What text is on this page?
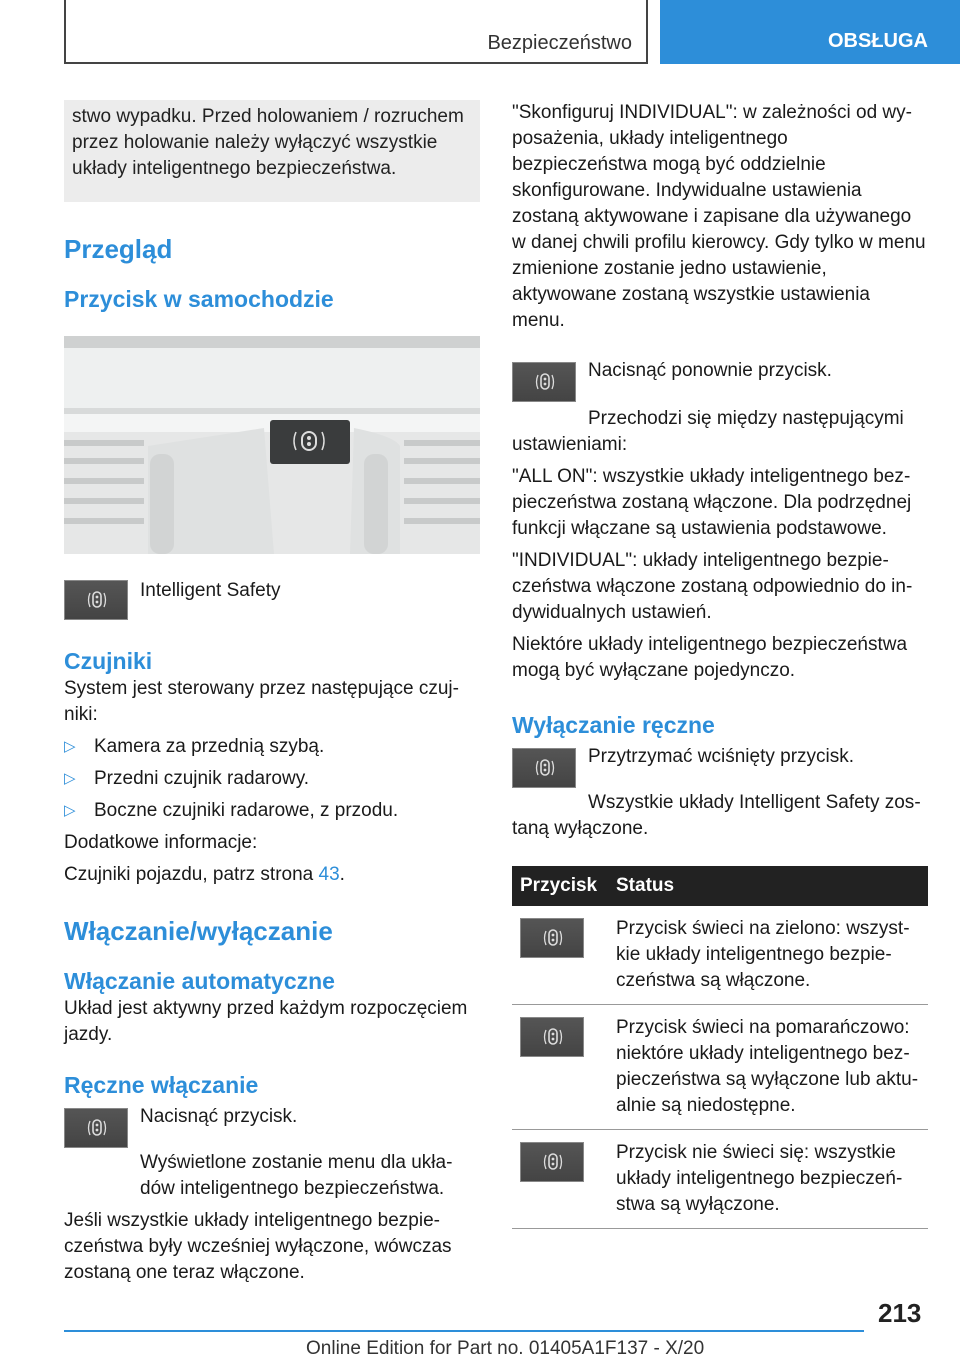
Bezpieczeństwo	OBSŁUGA

stwo wypadku. Przed holowaniem / rozruchem przez holowanie należy wyłączyć wszystkie układy inteligentnego bezpieczeństwa.

Przegląd
Przycisk w samochodzie

Intelligent Safety

Czujniki

System jest sterowany przez następujące czujniki:

▷ Kamera za przednią szybą.
▷ Przedni czujnik radarowy.
▷ Boczne czujniki radarowe, z przodu.

Dodatkowe informacje:

Czujniki pojazdu, patrz strona 43.

Włączanie/wyłączanie
Włączanie automatyczne

Układ jest aktywny przed każdym rozpoczęciem jazdy.

Ręczne włączanie

Nacisnąć przycisk.

Wyświetlone zostanie menu dla układów inteligentnego bezpieczeństwa.

Jeśli wszystkie układy inteligentnego bezpieczeństwa były wcześniej wyłączone, wówczas zostaną one teraz włączone.

"Skonfiguruj INDIVIDUAL": w zależności od wyposażenia, układy inteligentnego bezpieczeństwa mogą być oddzielnie skonfigurowane. Indywidualne ustawienia zostaną aktywowane i zapisane dla używanego w danej chwili profilu kierowcy. Gdy tylko w menu zmienione zostanie jedno ustawienie, aktywowane zostaną wszystkie ustawienia menu.

Nacisnąć ponownie przycisk.

Przechodzi się między następującymi ustawieniami:

"ALL ON": wszystkie układy inteligentnego bezpieczeństwa zostaną włączone. Dla podrzędnej funkcji włączane są ustawienia podstawowe.

"INDIVIDUAL": układy inteligentnego bezpieczeństwa włączone zostaną odpowiednio do indywidualnych ustawień.

Niektóre układy inteligentnego bezpieczeństwa mogą być wyłączane pojedynczo.

Wyłączanie ręczne

Przytrzymać wciśnięty przycisk.

Wszystkie układy Intelligent Safety zostaną wyłączone.

Przycisk	Status

	Przycisk świeci na zielono: wszystkie układy inteligentnego bezpieczeństwa są włączone.

	Przycisk świeci na pomarańczowo: niektóre układy inteligentnego bezpieczeństwa są wyłączone lub aktualnie są niedostępne.

	Przycisk nie świeci się: wszystkie układy inteligentnego bezpieczeństwa są wyłączone.
213
Online Edition for Part no. 01405A1F137 - X/20
